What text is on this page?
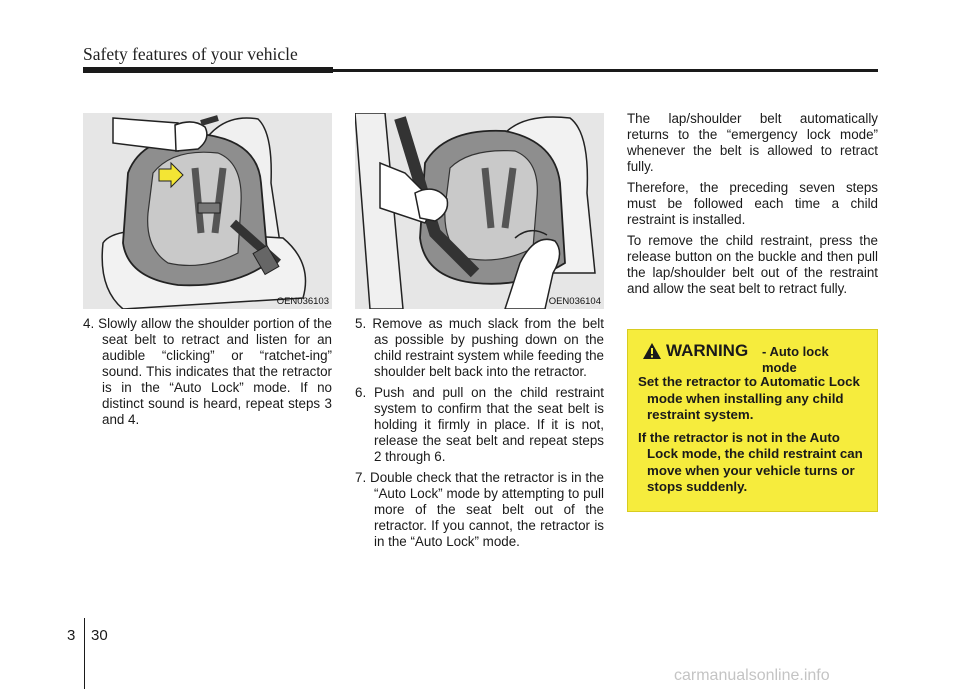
Safety features of your vehicle
OEN036103	OEN036104

4. Slowly allow the shoulder portion of the seat belt to retract and listen for an audible “clicking” or “ratchet-ing” sound. This indicates that the retractor is in the “Auto Lock” mode. If no distinct sound is heard, repeat steps 3 and 4.

5. Remove as much slack from the belt as possible by pushing down on the child restraint system while feeding the shoulder belt back into the retractor.

6. Push and pull on the child restraint system to confirm that the seat belt is holding it firmly in place. If it is not, release the seat belt and repeat steps 2 through 6.

7. Double check that the retractor is in the “Auto Lock” mode by attempting to pull more of the seat belt out of the retractor. If you cannot, the retractor is in the “Auto Lock” mode.

The lap/shoulder belt automatically returns to the “emergency lock mode” whenever the belt is allowed to retract fully.

Therefore, the preceding seven steps must be followed each time a child restraint is installed.

To remove the child restraint, press the release button on the buckle and then pull the lap/shoulder belt out of the restraint and allow the seat belt to retract fully.

WARNING - Auto lock mode

Set the retractor to Automatic Lock mode when installing any child restraint system.

If the retractor is not in the Auto Lock mode, the child restraint can move when your vehicle turns or stops suddenly.

3 30
carmanualsonline.info
